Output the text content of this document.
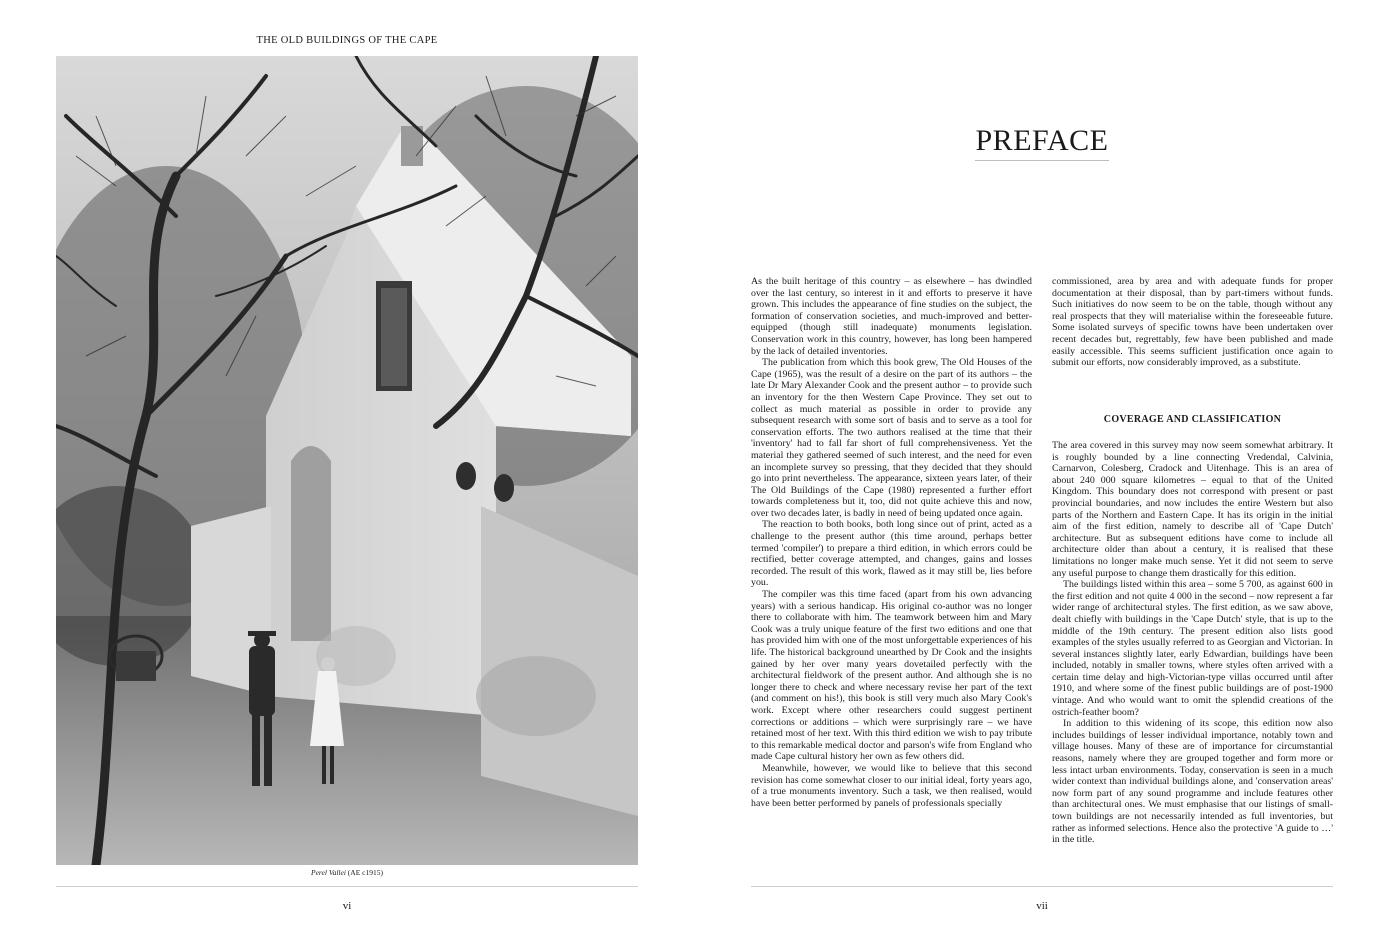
THE OLD BUILDINGS OF THE CAPE
Perel Vallei (AE c1915)
vi
PREFACE

As the built heritage of this country – as elsewhere – has dwindled over the last century, so interest in it and efforts to preserve it have grown. This includes the appearance of fine studies on the subject, the formation of conservation societies, and much-improved and better-equipped (though still inadequate) monuments legislation. Conservation work in this country, however, has long been hampered by the lack of detailed inventories.

The publication from which this book grew, The Old Houses of the Cape (1965), was the result of a desire on the part of its authors – the late Dr Mary Alexander Cook and the present author – to provide such an inventory for the then Western Cape Province. They set out to collect as much material as possible in order to provide any subsequent research with some sort of basis and to serve as a tool for conservation efforts. The two authors realised at the time that their 'inventory' had to fall far short of full comprehensiveness. Yet the material they gathered seemed of such interest, and the need for even an incomplete survey so pressing, that they decided that they should go into print nevertheless. The appearance, sixteen years later, of their The Old Buildings of the Cape (1980) represented a further effort towards completeness but it, too, did not quite achieve this and now, over two decades later, is badly in need of being updated once again.

The reaction to both books, both long since out of print, acted as a challenge to the present author (this time around, perhaps better termed 'compiler') to prepare a third edition, in which errors could be rectified, better coverage attempted, and changes, gains and losses recorded. The result of this work, flawed as it may still be, lies before you.

The compiler was this time faced (apart from his own advancing years) with a serious handicap. His original co-author was no longer there to collaborate with him. The teamwork between him and Mary Cook was a truly unique feature of the first two editions and one that has provided him with one of the most unforgettable experiences of his life. The historical background unearthed by Dr Cook and the insights gained by her over many years dovetailed perfectly with the architectural fieldwork of the present author. And although she is no longer there to check and where necessary revise her part of the text (and comment on his!), this book is still very much also Mary Cook's work. Except where other researchers could suggest pertinent corrections or additions – which were surprisingly rare – we have retained most of her text. With this third edition we wish to pay tribute to this remarkable medical doctor and parson's wife from England who made Cape cultural history her own as few others did.

Meanwhile, however, we would like to believe that this second revision has come somewhat closer to our initial ideal, forty years ago, of a true monuments inventory. Such a task, we then realised, would have been better performed by panels of professionals specially

commissioned, area by area and with adequate funds for proper documentation at their disposal, than by part-timers without funds. Such initiatives do now seem to be on the table, though without any real prospects that they will materialise within the foreseeable future. Some isolated surveys of specific towns have been undertaken over recent decades but, regrettably, few have been published and made easily accessible. This seems sufficient justification once again to submit our efforts, now considerably improved, as a substitute.

COVERAGE AND CLASSIFICATION

The area covered in this survey may now seem somewhat arbitrary. It is roughly bounded by a line connecting Vredendal, Calvinia, Carnarvon, Colesberg, Cradock and Uitenhage. This is an area of about 240 000 square kilometres – equal to that of the United Kingdom. This boundary does not correspond with present or past provincial boundaries, and now includes the entire Western but also parts of the Northern and Eastern Cape. It has its origin in the initial aim of the first edition, namely to describe all of 'Cape Dutch' architecture. But as subsequent editions have come to include all architecture older than about a century, it is realised that these limitations no longer make much sense. Yet it did not seem to serve any useful purpose to change them drastically for this edition.

The buildings listed within this area – some 5 700, as against 600 in the first edition and not quite 4 000 in the second – now represent a far wider range of architectural styles. The first edition, as we saw above, dealt chiefly with buildings in the 'Cape Dutch' style, that is up to the middle of the 19th century. The present edition also lists good examples of the styles usually referred to as Georgian and Victorian. In several instances slightly later, early Edwardian, buildings have been included, notably in smaller towns, where styles often arrived with a certain time delay and high-Victorian-type villas occurred until after 1910, and where some of the finest public buildings are of post-1900 vintage. And who would want to omit the splendid creations of the ostrich-feather boom?

In addition to this widening of its scope, this edition now also includes buildings of lesser individual importance, notably town and village houses. Many of these are of importance for circumstantial reasons, namely where they are grouped together and form more or less intact urban environments. Today, conservation is seen in a much wider context than individual buildings alone, and 'conservation areas' now form part of any sound programme and include features other than architectural ones. We must emphasise that our listings of small-town buildings are not necessarily intended as full inventories, but rather as informed selections. Hence also the protective 'A guide to …' in the title.

vii
